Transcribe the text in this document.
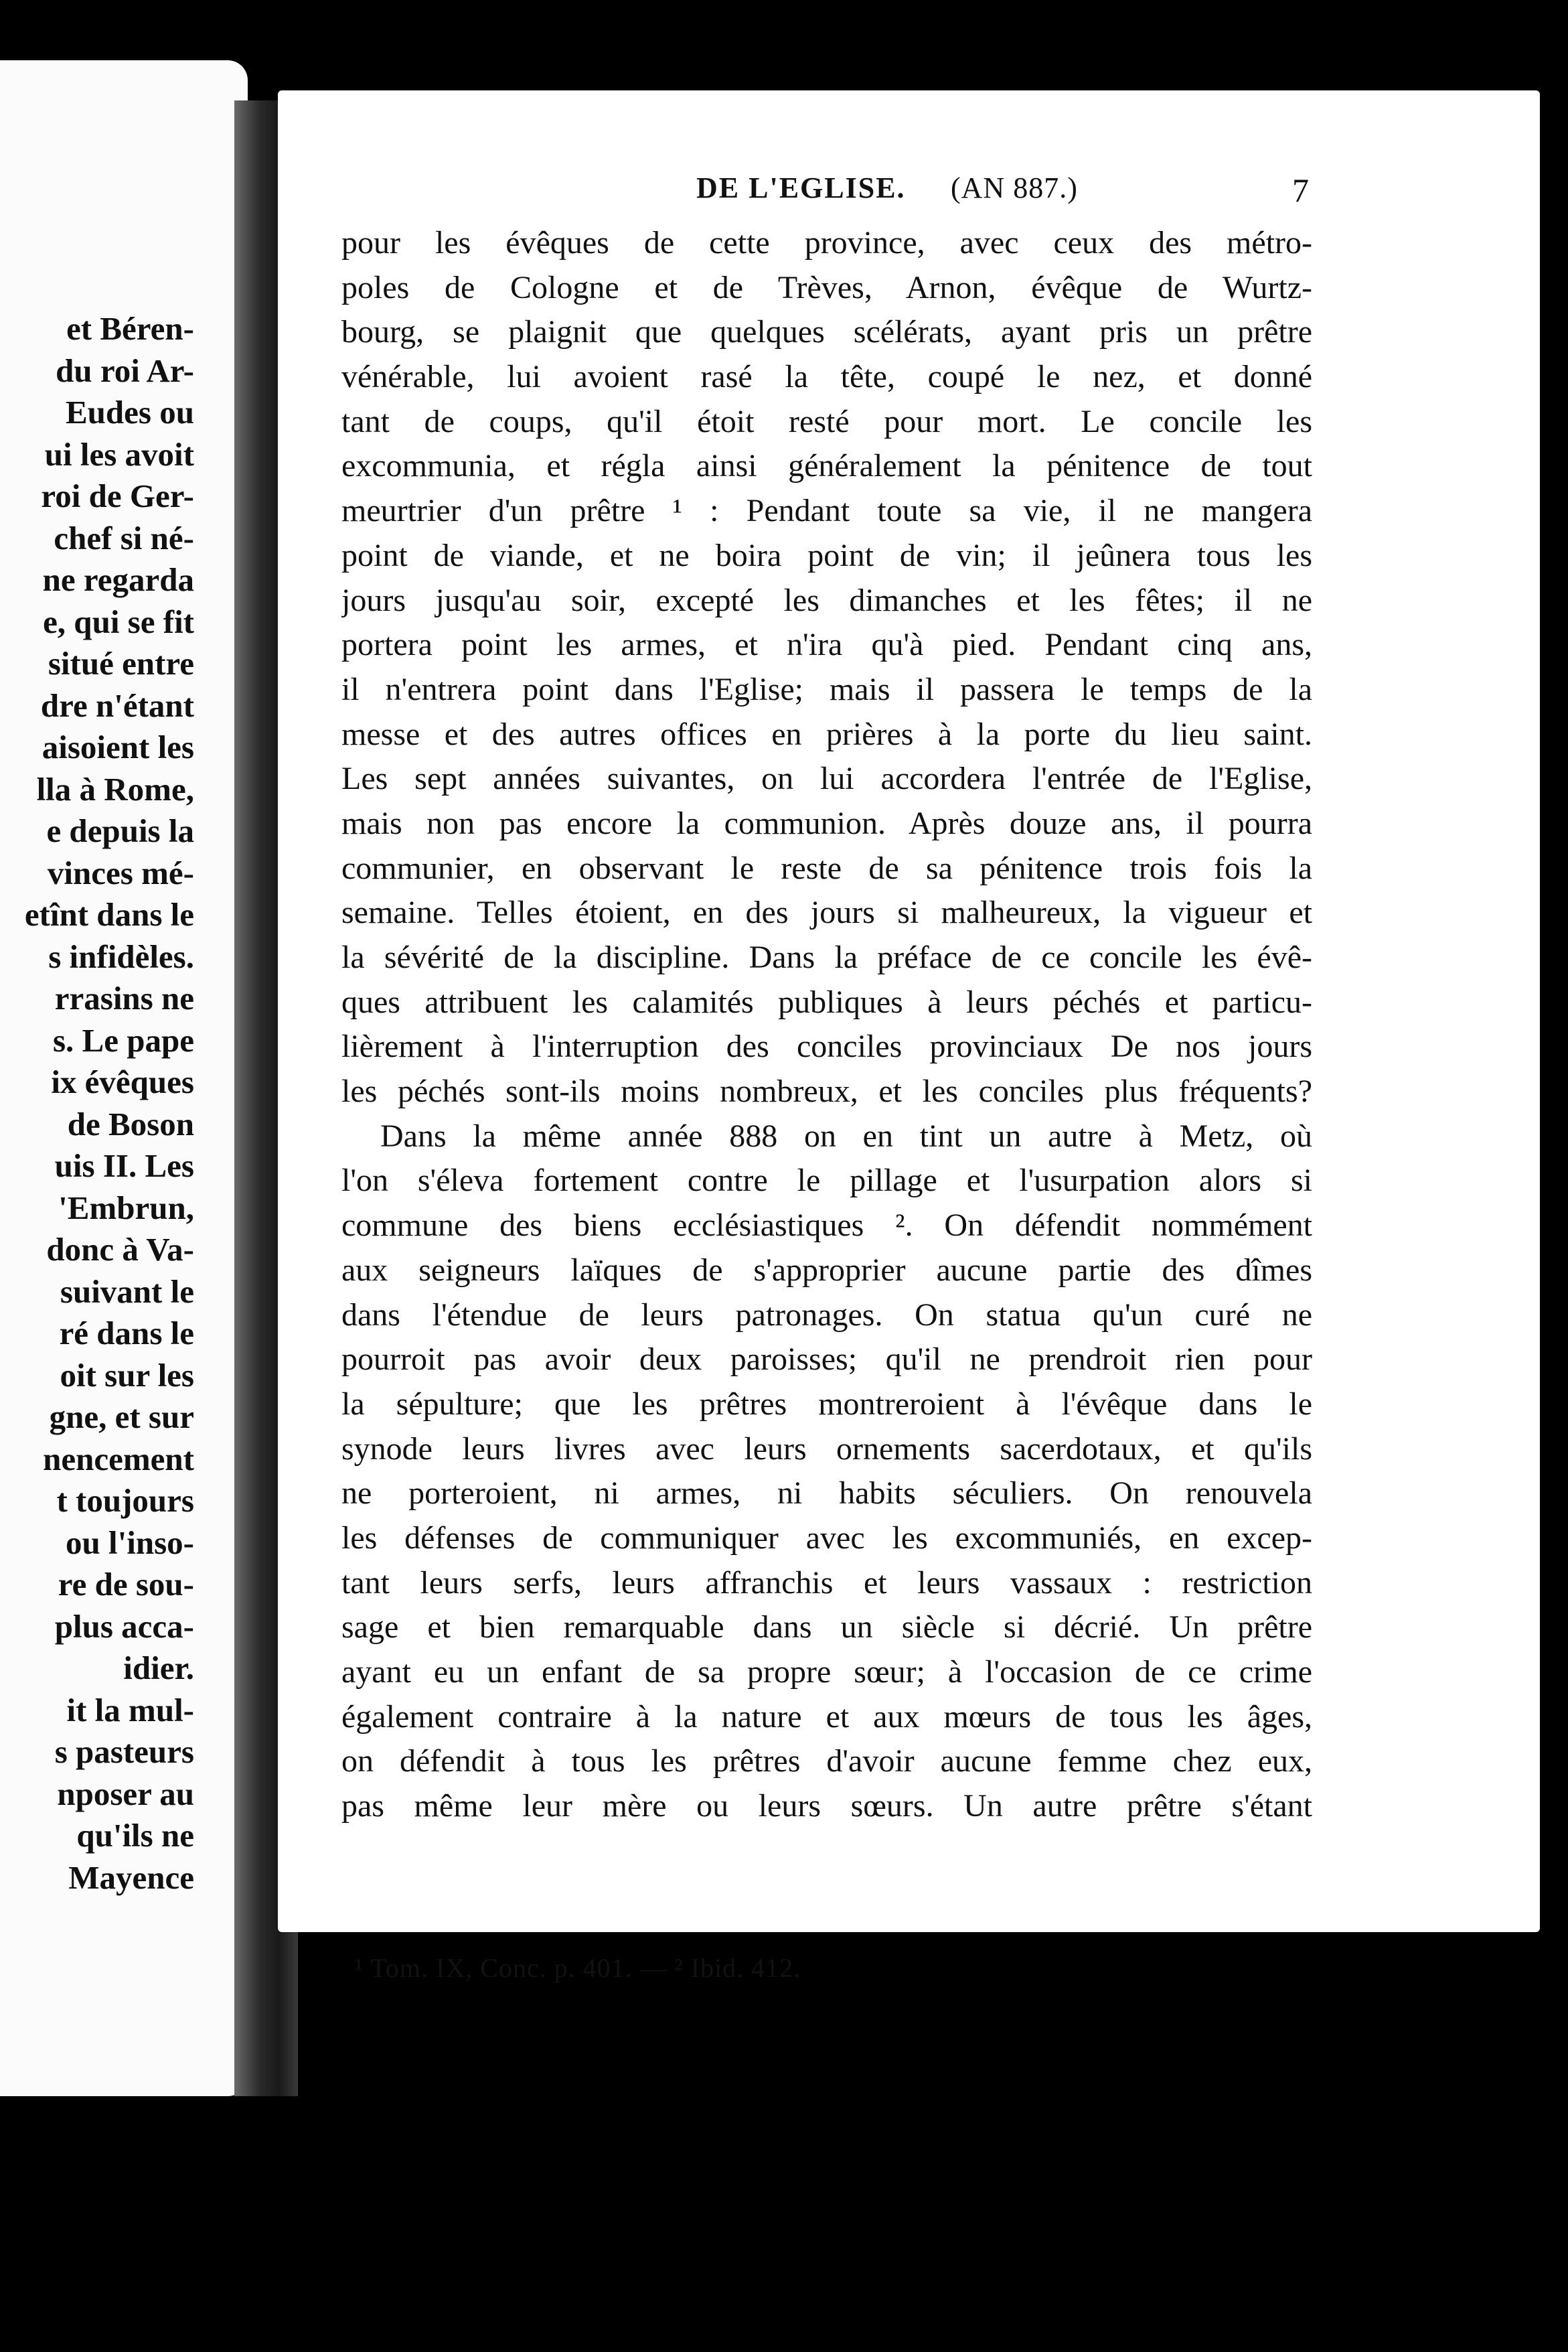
et Béren-
du roi Ar-
Eudes ou
ui les avoit
roi de Ger-
chef si né-
ne regarda
e, qui se fit
situé entre
dre n'étant
aisoient les
lla à Rome,
e depuis la
vinces mé-
etînt dans le
s infidèles.
rrasins ne
s. Le pape
ix évêques
de Boson
uis II. Les
'Embrun,
donc à Va-
suivant le
ré dans le
oit sur les
gne, et sur
nencement
t toujours
ou l'inso-
re de sou-
plus acca-
idier.
it la mul-
s pasteurs
nposer au
qu'ils ne
Mayence
DE L'EGLISE. (AN 887.)	7
pour les évêques de cette province, avec ceux des métro-
poles de Cologne et de Trèves, Arnon, évêque de Wurtz-
bourg, se plaignit que quelques scélérats, ayant pris un prêtre
vénérable, lui avoient rasé la tête, coupé le nez, et donné
tant de coups, qu'il étoit resté pour mort. Le concile les
excommunia, et régla ainsi généralement la pénitence de tout
meurtrier d'un prêtre ¹ : Pendant toute sa vie, il ne mangera
point de viande, et ne boira point de vin; il jeûnera tous les
jours jusqu'au soir, excepté les dimanches et les fêtes; il ne
portera point les armes, et n'ira qu'à pied. Pendant cinq ans,
il n'entrera point dans l'Eglise; mais il passera le temps de la
messe et des autres offices en prières à la porte du lieu saint.
Les sept années suivantes, on lui accordera l'entrée de l'Eglise,
mais non pas encore la communion. Après douze ans, il pourra
communier, en observant le reste de sa pénitence trois fois la
semaine. Telles étoient, en des jours si malheureux, la vigueur et
la sévérité de la discipline. Dans la préface de ce concile les évê-
ques attribuent les calamités publiques à leurs péchés et particu-
lièrement à l'interruption des conciles provinciaux De nos jours
les péchés sont-ils moins nombreux, et les conciles plus fréquents?
Dans la même année 888 on en tint un autre à Metz, où
l'on s'éleva fortement contre le pillage et l'usurpation alors si
commune des biens ecclésiastiques ². On défendit nommément
aux seigneurs laïques de s'approprier aucune partie des dîmes
dans l'étendue de leurs patronages. On statua qu'un curé ne
pourroit pas avoir deux paroisses; qu'il ne prendroit rien pour
la sépulture; que les prêtres montreroient à l'évêque dans le
synode leurs livres avec leurs ornements sacerdotaux, et qu'ils
ne porteroient, ni armes, ni habits séculiers. On renouvela
les défenses de communiquer avec les excommuniés, en excep-
tant leurs serfs, leurs affranchis et leurs vassaux : restriction
sage et bien remarquable dans un siècle si décrié. Un prêtre
ayant eu un enfant de sa propre sœur; à l'occasion de ce crime
également contraire à la nature et aux mœurs de tous les âges,
on défendit à tous les prêtres d'avoir aucune femme chez eux,
pas même leur mère ou leurs sœurs. Un autre prêtre s'étant
¹ Tom. IX, Conc. p. 401. — ² Ibid. 412.
